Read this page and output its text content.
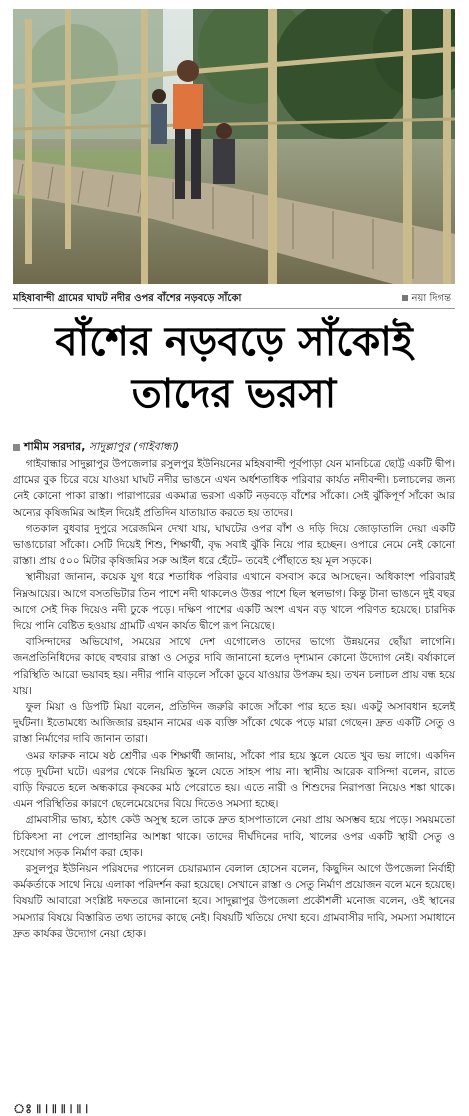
মহিষাবান্দী গ্রামের ঘাঘট নদীর ওপর বাঁশের নড়বড়ে সাঁকো	নয়া দিগন্ত
বাঁশের নড়বড়ে সাঁকোই
তাদের ভরসা
শামীম সরদার, সাদুল্লাপুর (গাইবান্ধা)

গাইবান্ধার সাদুল্লাপুর উপজেলার রসুলপুর ইউনিয়নের মহিষবান্দী পূর্বপাড়া যেন মানচিত্রে ছোট্ট একটি দ্বীপ। গ্রামের বুক চিরে বয়ে যাওয়া ঘাঘট নদীর ভাঙনে এখন অর্ধশতাধিক পরিবার কার্যত নদীবন্দী। চলাচলের জন্য নেই কোনো পাকা রাস্তা। পারাপারের একমাত্র ভরসা একটি নড়বড়ে বাঁশের সাঁকো। সেই ঝুঁকিপূর্ণ সাঁকো আর অন্যের কৃষিজমির আইল দিয়েই প্রতিদিন যাতায়াত করতে হয় তাদের।

গতকাল বুধবার দুপুরে সরেজমিন দেখা যায়, ঘাঘটের ওপর বাঁশ ও দড়ি দিয়ে জোড়াতালি দেয়া একটি ভাঙাচোরা সাঁকো। সেটি দিয়েই শিশু, শিক্ষার্থী, বৃদ্ধ সবাই ঝুঁকি নিয়ে পার হচ্ছেন। ওপারে নেমে নেই কোনো রাস্তা। প্রায় ৫০০ মিটার কৃষিজমির সরু আইল ধরে হেঁটে– তবেই পৌঁছাতে হয় মূল সড়কে।

স্থানীয়রা জানান, কয়েক যুগ ধরে শতাধিক পরিবার এখানে বসবাস করে আসছেন। অধিকাংশ পরিবারই নিম্নআয়ের। আগে বসতভিটার তিন পাশে নদী থাকলেও উত্তর পাশে ছিল স্থলভাগ। কিন্তু টানা ভাঙনে দুই বছর আগে সেই দিক দিয়েও নদী ঢুকে পড়ে। দক্ষিণ পাশের একটি অংশ এখন বড় খালে পরিণত হয়েছে। চারদিক দিয়ে পানি বেষ্টিত হওয়ায় গ্রামটি এখন কার্যত দ্বীপে রূপ নিয়েছে।

বাসিন্দাদের অভিযোগ, সময়ের সাথে দেশ এগোলেও তাদের ভাগ্যে উন্নয়নের ছোঁয়া লাগেনি। জনপ্রতিনিধিদের কাছে বহুবার রাস্তা ও সেতুর দাবি জানানো হলেও দৃশ্যমান কোনো উদ্যোগ নেই। বর্ষাকালে পরিস্থিতি আরো ভয়াবহ হয়। নদীর পানি বাড়লে সাঁকো ডুবে যাওয়ার উপক্রম হয়। তখন চলাচল প্রায় বন্ধ হয়ে যায়।

ফুল মিয়া ও ডিপটি মিয়া বলেন, প্রতিদিন জরুরি কাজে সাঁকো পার হতে হয়। একটু অসাবধান হলেই দুর্ঘটনা। ইতোমধ্যে আজিজার রহমান নামের এক ব্যক্তি সাঁকো থেকে পড়ে মারা গেছেন। দ্রুত একটি সেতু ও রাস্তা নির্মাণের দাবি জানান তারা।

ওমর ফারুক নামে ষষ্ঠ শ্রেণীর এক শিক্ষার্থী জানায়, সাঁকো পার হয়ে স্কুলে যেতে খুব ভয় লাগে। একদিন পড়ে দুর্ঘটনা ঘটে। এরপর থেকে নিয়মিত স্কুলে যেতে সাহস পায় না। স্থানীয় আরেক বাসিন্দা বলেন, রাতে বাড়ি ফিরতে হলে অন্ধকারে কৃষকের মাঠ পেরোতে হয়। এতে নারী ও শিশুদের নিরাপত্তা নিয়েও শঙ্কা থাকে। এমন পরিস্থিতির কারণে ছেলেমেয়েদের বিয়ে দিতেও সমস্যা হচ্ছে।

গ্রামবাসীর ভাষ্য, হঠাৎ কেউ অসুস্থ হলে তাকে দ্রুত হাসপাতালে নেয়া প্রায় অসম্ভব হয়ে পড়ে। সময়মতো চিকিৎসা না পেলে প্রাণহানির আশঙ্কা থাকে। তাদের দীর্ঘদিনের দাবি, খালের ওপর একটি স্থায়ী সেতু ও সংযোগ সড়ক নির্মাণ করা হোক।

রসুলপুর ইউনিয়ন পরিষদের প্যানেল চেয়ারম্যান বেলাল হোসেন বলেন, কিছুদিন আগে উপজেলা নির্বাহী কর্মকর্তাকে সাথে নিয়ে এলাকা পরিদর্শন করা হয়েছে। সেখানে রাস্তা ও সেতু নির্মাণ প্রয়োজন বলে মনে হয়েছে। বিষয়টি আবারো সংশ্লিষ্ট দফতরে জানানো হবে। সাদুল্লাপুর উপজেলা প্রকৌশলী মনোজ বলেন, ওই স্থানের সমস্যার বিষয়ে বিস্তারিত তথ্য তাদের কাছে নেই। বিষয়টি খতিয়ে দেখা হবে। গ্রামবাসীর দাবি, সমস্যা সমাধানে দ্রুত কার্যকর উদ্যোগ নেয়া হোক।

ঃ ৷৷ ৷ ৷৷ ৷৷ ৷ ৷৷ ৷
